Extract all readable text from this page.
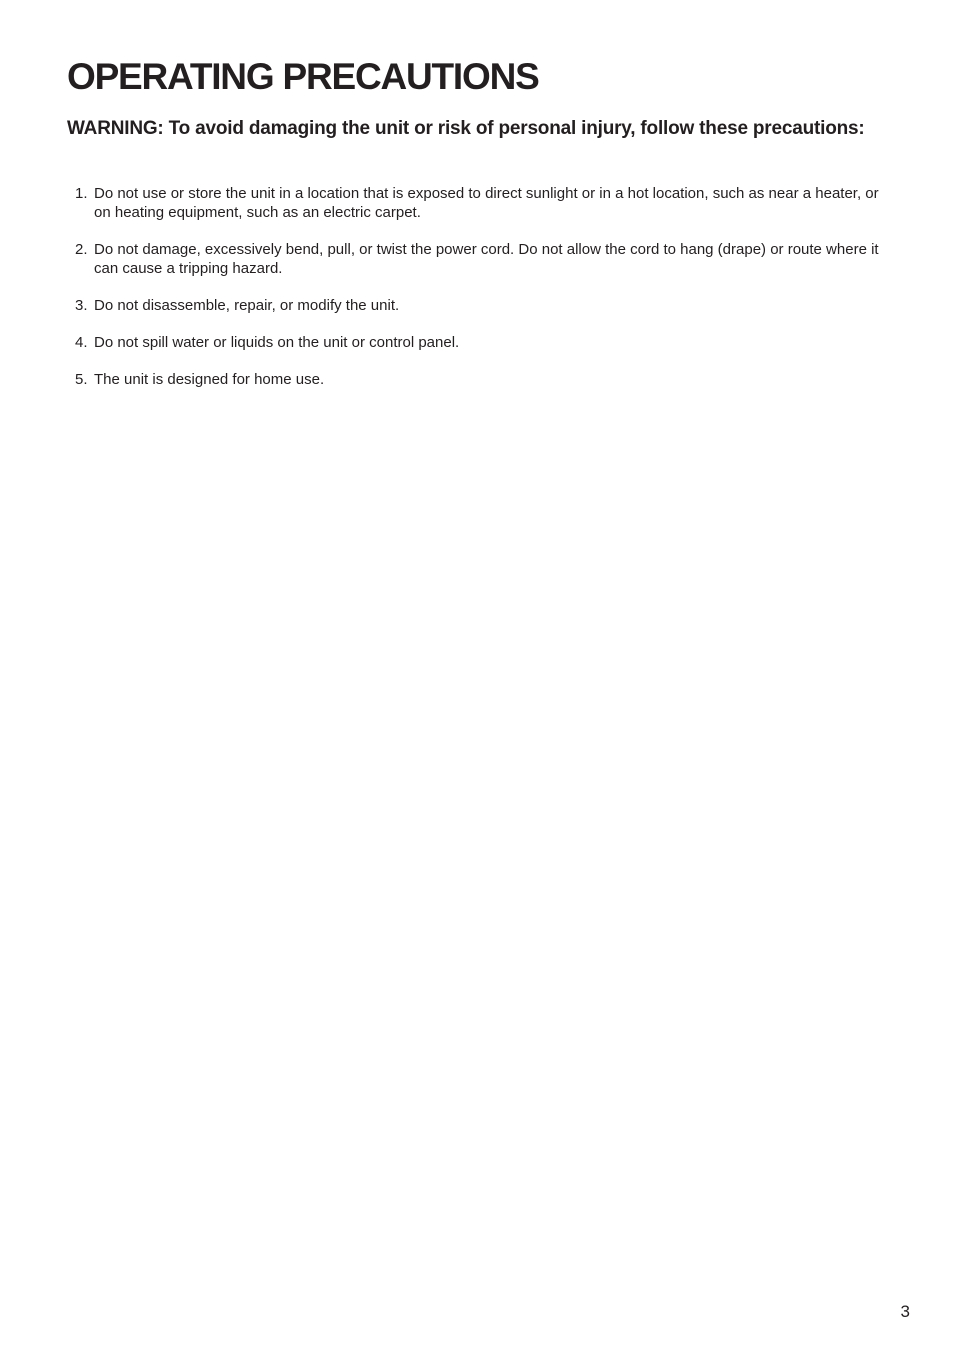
OPERATING PRECAUTIONS
WARNING: To avoid damaging the unit or risk of personal injury, follow these precautions:
1. Do not use or store the unit in a location that is exposed to direct sunlight or in a hot location, such as near a heater, or on heating equipment, such as an electric carpet.
2. Do not damage, excessively bend, pull, or twist the power cord. Do not allow the cord to hang (drape) or route where it can cause a tripping hazard.
3. Do not disassemble, repair, or modify the unit.
4. Do not spill water or liquids on the unit or control panel.
5. The unit is designed for home use.
3
